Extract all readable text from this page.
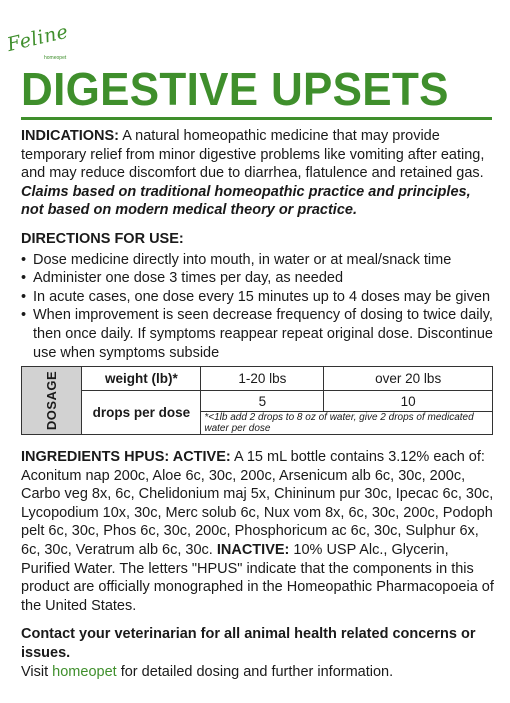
Feline
homeopet
DIGESTIVE UPSETS

INDICATIONS: A natural homeopathic medicine that may provide temporary relief from minor digestive problems like vomiting after eating, and may reduce discomfort due to diarrhea, flatulence and retained gas. Claims based on traditional homeopathic practice and principles, not based on modern medical theory or practice.

DIRECTIONS FOR USE:

• Dose medicine directly into mouth, in water or at meal/snack time
• Administer one dose 3 times per day, as needed
• In acute cases, one dose every 15 minutes up to 4 doses may be given
• When improvement is seen decrease frequency of dosing to twice daily, then once daily. If symptoms reappear repeat original dose. Discontinue use when symptoms subside
DOSAGE	weight (lb)*	1-20 lbs	over 20 lbs
	drops per dose	5	10
		*<1lb add 2 drops to 8 oz of water, give 2 drops of medicated water per dose	

INGREDIENTS HPUS: ACTIVE: A 15 mL bottle contains 3.12% each of: Aconitum nap 200c, Aloe 6c, 30c, 200c, Arsenicum alb 6c, 30c, 200c, Carbo veg 8x, 6c, Chelidonium maj 5x, Chininum pur 30c, Ipecac 6c, 30c, Lycopodium 10x, 30c, Merc solub 6c, Nux vom 8x, 6c, 30c, 200c, Podoph pelt 6c, 30c, Phos 6c, 30c, 200c, Phosphoricum ac 6c, 30c, Sulphur 6x, 6c, 30c, Veratrum alb 6c, 30c. INACTIVE: 10% USP Alc., Glycerin, Purified Water. The letters "HPUS" indicate that the components in this product are officially monographed in the Homeopathic Pharmacopoeia of the United States.

Contact your veterinarian for all animal health related concerns or issues.

Visit homeopet for detailed dosing and further information.
